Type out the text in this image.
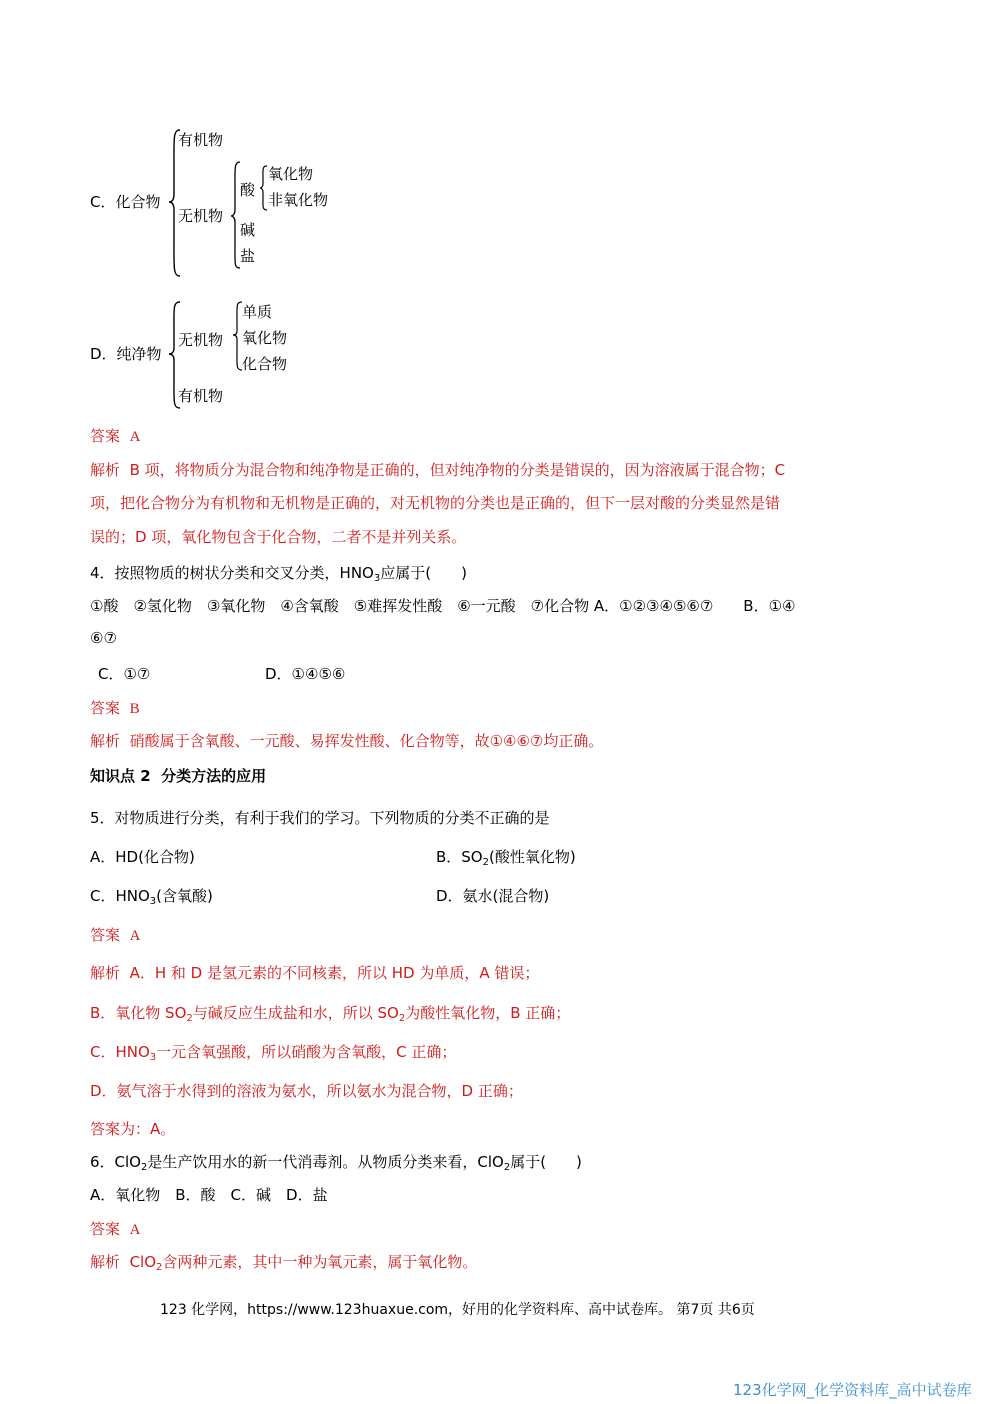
C．化合物
有机物
无机物
酸
氧化物
非氧化物
碱
盐
D．纯净物
无机物
单质
氧化物
化合物
有机物
答案 A
解析 B 项，将物质分为混合物和纯净物是正确的，但对纯净物的分类是错误的，因为溶液属于混合物；C
项，把化合物分为有机物和无机物是正确的，对无机物的分类也是正确的，但下一层对酸的分类显然是错
误的；D 项，氧化物包含于化合物，二者不是并列关系。
4．按照物质的树状分类和交叉分类，$HNO_3$应属于(　　)
①酸　②氢化物　③氧化物　④含氧酸　⑤难挥发性酸　⑥一元酸　⑦化合物 A．①②③④⑤⑥⑦　　B．①④
⑥⑦
C．①⑦	D．①④⑤⑥
答案 B
解析 硝酸属于含氧酸、一元酸、易挥发性酸、化合物等，故①④⑥⑦均正确。
知识点 2 分类方法的应用
5．对物质进行分类，有利于我们的学习。下列物质的分类不正确的是
A．HD(化合物)	B．$SO_2$(酸性氧化物)
C．$HNO_3$(含氧酸)	D．氨水(混合物)
答案 A
解析 A．H 和 D 是氢元素的不同核素，所以 HD 为单质，A 错误；
B．氧化物 $SO_2$与碱反应生成盐和水，所以 $SO_2$为酸性氧化物，B 正确；
C．$HNO_3$一元含氧强酸，所以硝酸为含氧酸，C 正确；
D．氨气溶于水得到的溶液为氨水，所以氨水为混合物，D 正确；
答案为：A。
6．ClO$_2$是生产饮用水的新一代消毒剂。从物质分类来看，ClO$_2$属于(　　)
A．氧化物　B．酸　C．碱　D．盐
答案 A
解析 ClO$_2$含两种元素，其中一种为氧元素，属于氧化物。
123 化学网，https://www.123huaxue.com，好用的化学资料库、高中试卷库。 第7页 共6页
123化学网_化学资料库_高中试卷库
